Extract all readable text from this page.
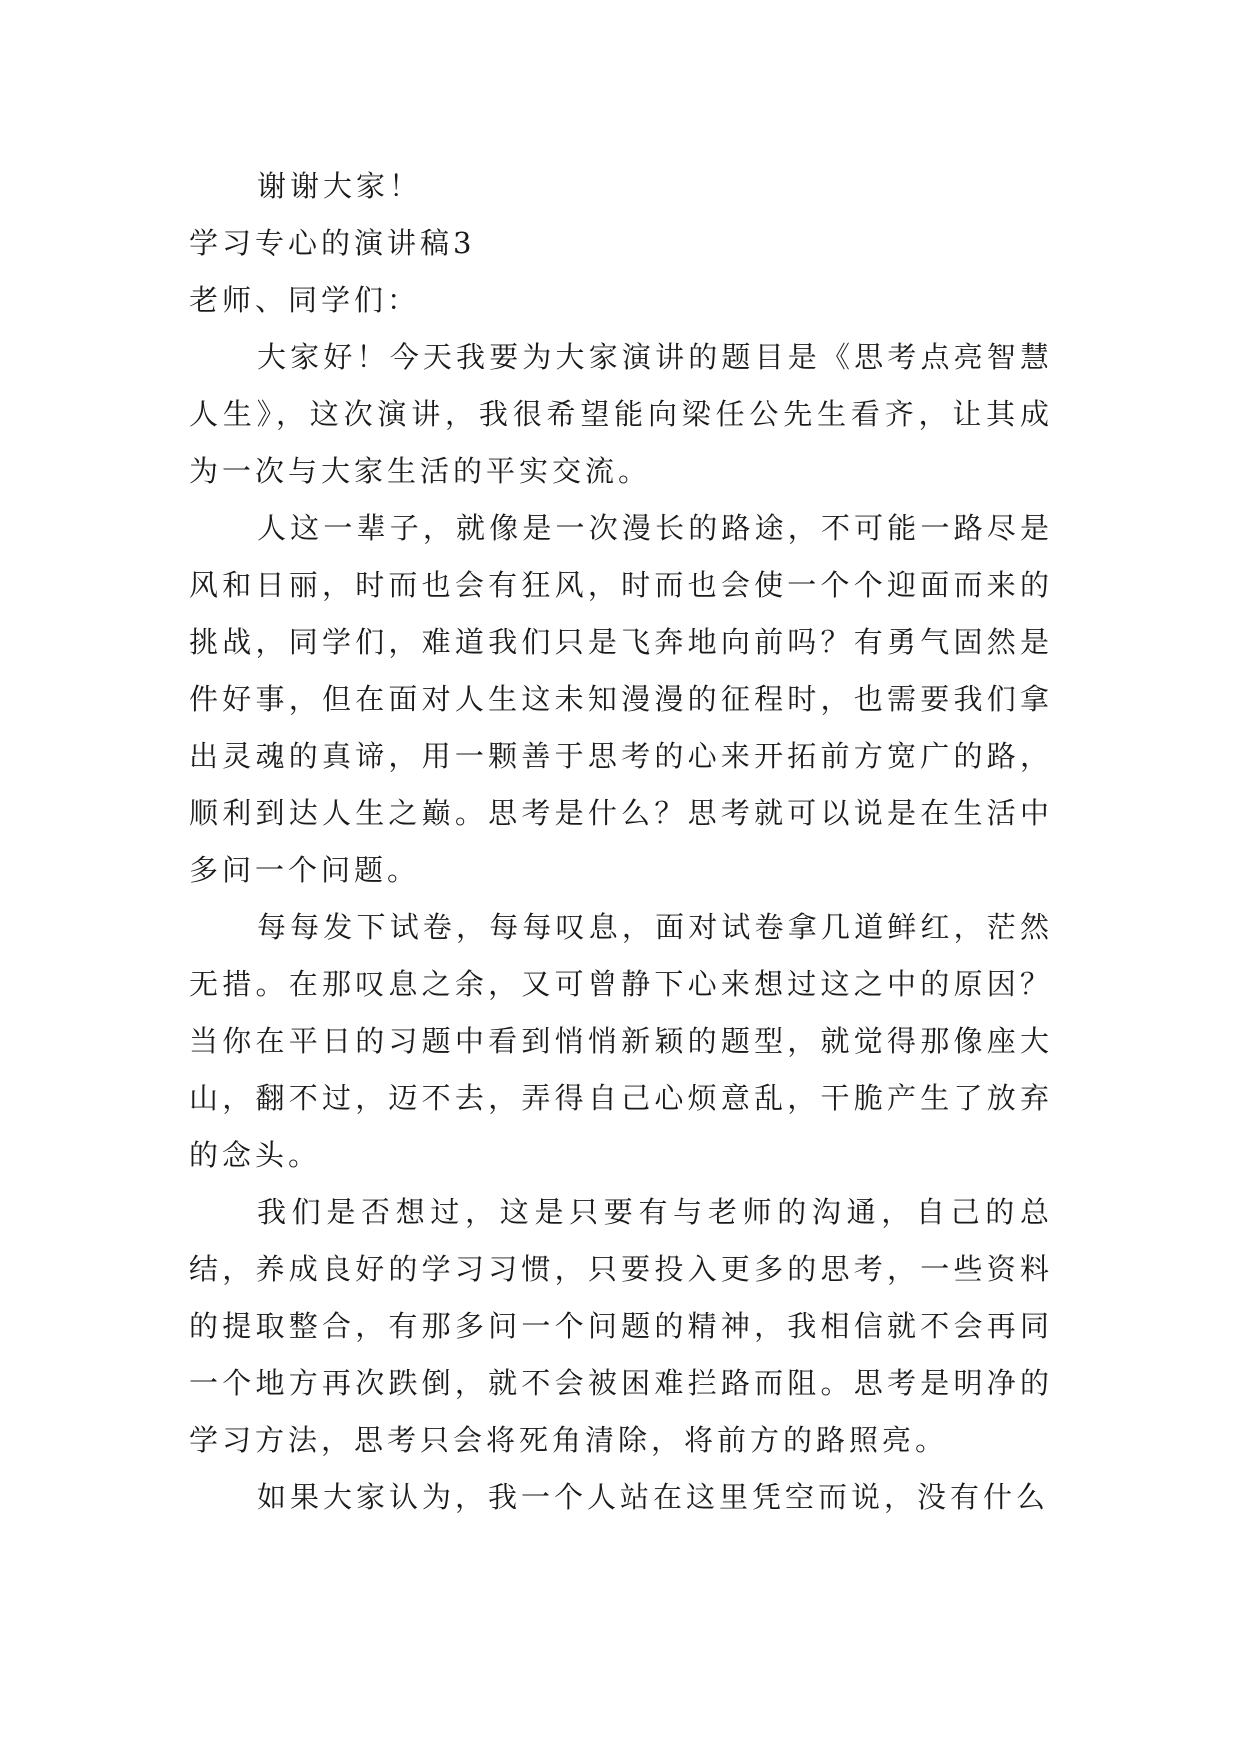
谢谢大家！

学习专心的演讲稿3

老师、同学们：

大家好！今天我要为大家演讲的题目是《思考点亮智慧人生》，这次演讲，我很希望能向梁任公先生看齐，让其成为一次与大家生活的平实交流。

人这一辈子，就像是一次漫长的路途，不可能一路尽是风和日丽，时而也会有狂风，时而也会使一个个迎面而来的挑战，同学们，难道我们只是飞奔地向前吗？有勇气固然是件好事，但在面对人生这未知漫漫的征程时，也需要我们拿出灵魂的真谛，用一颗善于思考的心来开拓前方宽广的路，顺利到达人生之巅。思考是什么？思考就可以说是在生活中多问一个问题。

每每发下试卷，每每叹息，面对试卷拿几道鲜红，茫然无措。在那叹息之余，又可曾静下心来想过这之中的原因？当你在平日的习题中看到悄悄新颖的题型，就觉得那像座大山，翻不过，迈不去，弄得自己心烦意乱，干脆产生了放弃的念头。

我们是否想过，这是只要有与老师的沟通，自己的总结，养成良好的学习习惯，只要投入更多的思考，一些资料的提取整合，有那多问一个问题的精神，我相信就不会再同一个地方再次跌倒，就不会被困难拦路而阻。思考是明净的学习方法，思考只会将死角清除，将前方的路照亮。

如果大家认为，我一个人站在这里凭空而说，没有什么
